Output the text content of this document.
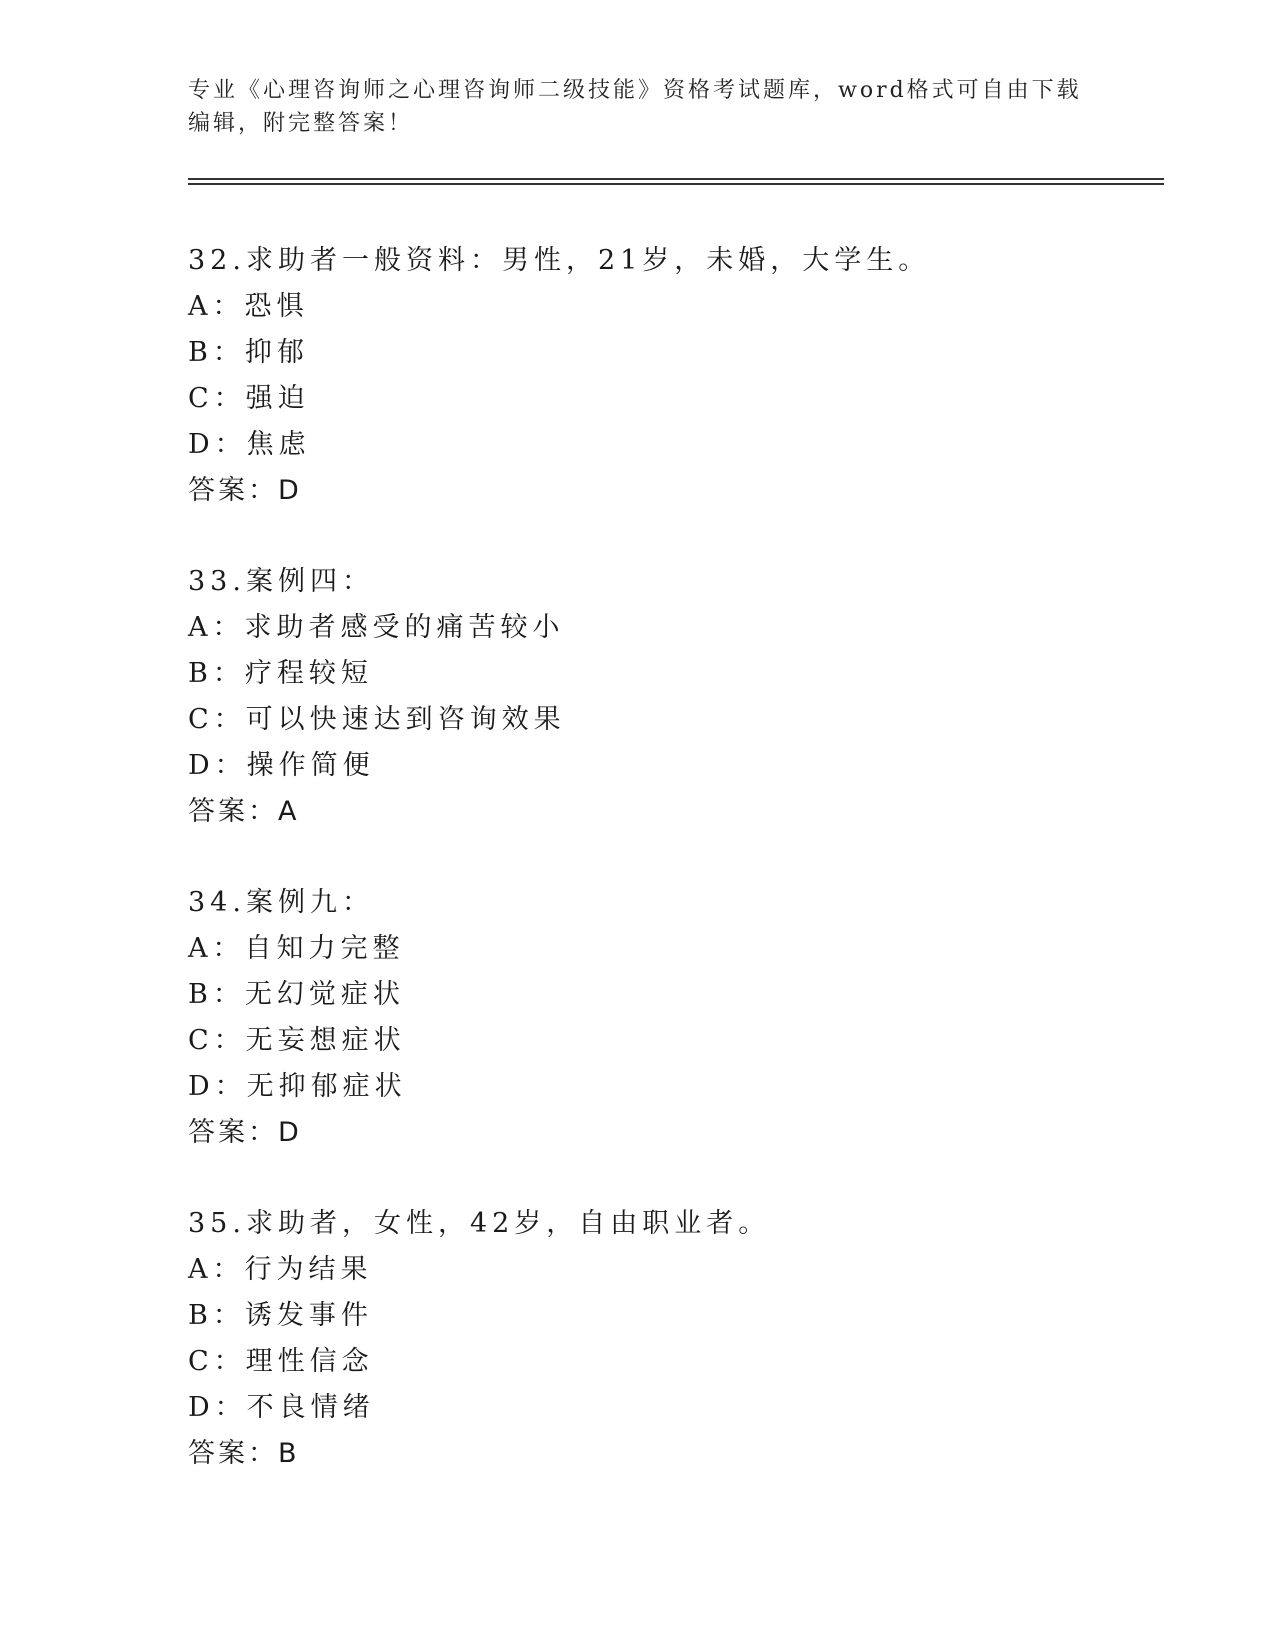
专业《心理咨询师之心理咨询师二级技能》资格考试题库，word格式可自由下载
编辑，附完整答案！
32.求助者一般资料：男性，21岁，未婚，大学生。
A：恐惧
B：抑郁
C：强迫
D：焦虑
答案：D
33.案例四：
A：求助者感受的痛苦较小
B：疗程较短
C：可以快速达到咨询效果
D：操作简便
答案：A
34.案例九：
A：自知力完整
B：无幻觉症状
C：无妄想症状
D：无抑郁症状
答案：D
35.求助者，女性，42岁，自由职业者。
A：行为结果
B：诱发事件
C：理性信念
D：不良情绪
答案：B
